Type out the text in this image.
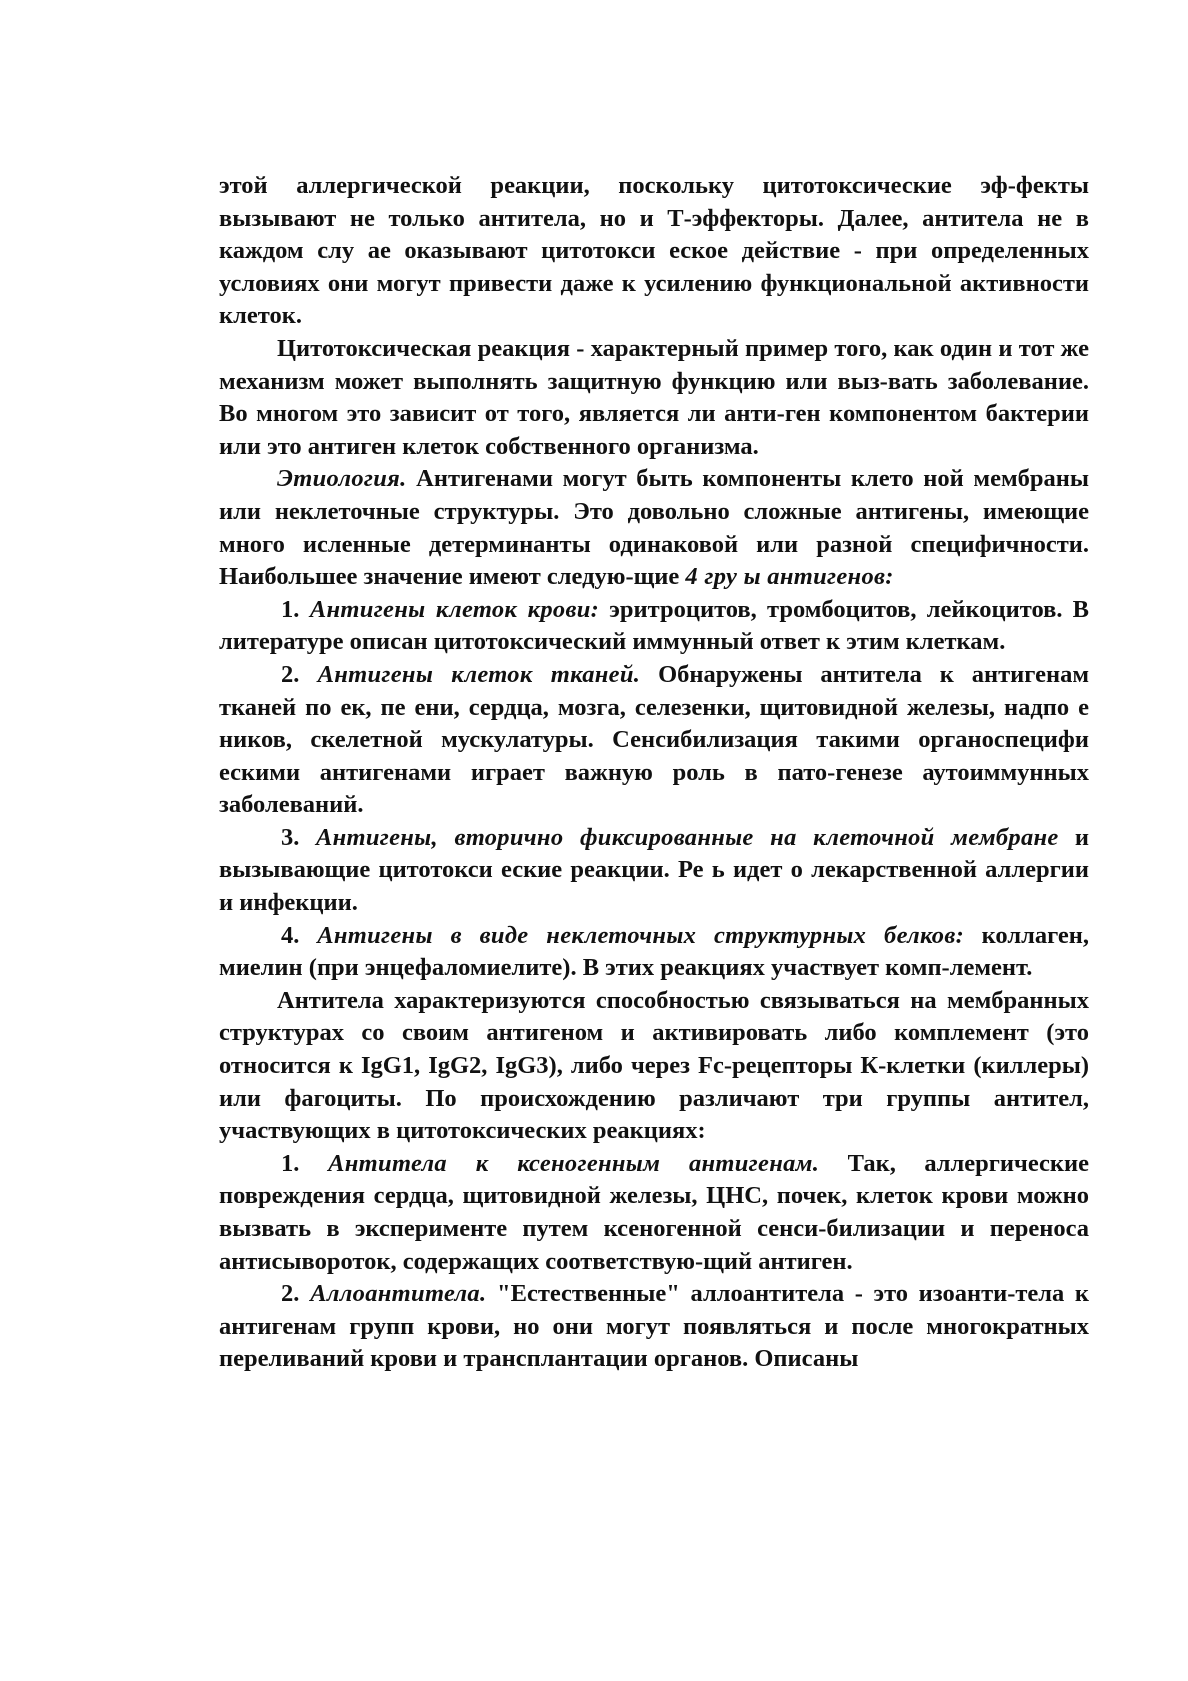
этой аллергической реакции, поскольку цитотоксические эф-фекты вызывают не только антитела, но и Т-эффекторы. Далее, антитела не в каждом слу ае оказывают цитотокси еское действие - при определенных условиях они могут привести даже к усилению функциональной активности клеток.

Цитотоксическая реакция - характерный пример того, как один и тот же механизм может выполнять защитную функцию или выз-вать заболевание. Во многом это зависит от того, является ли анти-ген компонентом бактерии или это антиген клеток собственного организма.

Этиология. Антигенами могут быть компоненты клето ной мембраны или неклеточные структуры. Это довольно сложные антигены, имеющие много исленные детерминанты одинаковой или разной специфичности. Наибольшее значение имеют следую-щие 4 гру ы антигенов:

1. Антигены клеток крови: эритроцитов, тромбоцитов, лейкоцитов. В литературе описан цитотоксический иммунный ответ к этим клеткам.

2. Антигены клеток тканей. Обнаружены антитела к антигенам тканей по ек, пе ени, сердца, мозга, селезенки, щитовидной железы, надпо е ников, скелетной мускулатуры. Сенсибилизация такими органоспецифи ескими антигенами играет важную роль в пато-генезе аутоиммунных заболеваний.

3. Антигены, вторично фиксированные на клеточной мембране и вызывающие цитотокси еские реакции. Ре ь идет о лекарственной аллергии и инфекции.

4. Антигены в виде неклеточных структурных белков: коллаген, миелин (при энцефаломиелите). В этих реакциях участвует комп-лемент.

Антитела характеризуются способностью связываться на мембранных структурах со своим антигеном и активировать либо комплемент (это относится к IgG1, IgG2, IgG3), либо через Fc-рецепторы К-клетки (киллеры) или фагоциты. По происхождению различают три группы антител, участвующих в цитотоксических реакциях:

1. Антитела к ксеногенным антигенам. Так, аллергические повреждения сердца, щитовидной железы, ЦНС, почек, клеток крови можно вызвать в эксперименте путем ксеногенной сенси-билизации и переноса антисывороток, содержащих соответствую-щий антиген.

2. Аллоантитела. "Естественные" аллоантитела - это изоанти-тела к антигенам групп крови, но они могут появляться и после многократных переливаний крови и трансплантации органов. Описаны
